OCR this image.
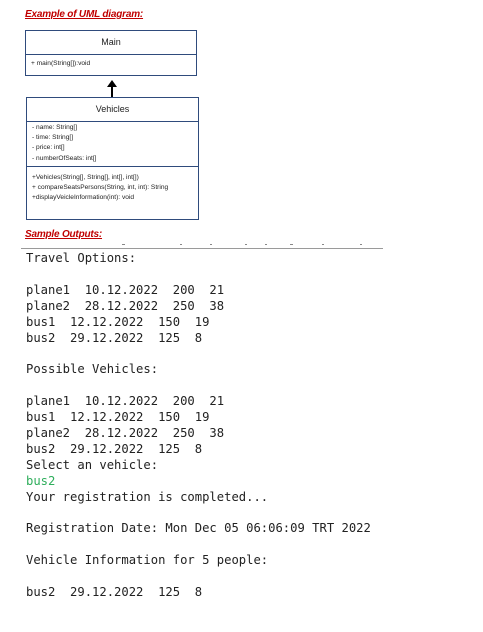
Example of UML diagram:
Main
+ main(String[]):void
Vehicles
- name: String[]
- time: String[]
- price: int[]
- numberOfSeats: int[]
+Vehicles(String[], String[], int[], int[])
+ compareSeatsPersons(String, int, int): String
+displayVeicleInformation(int): void
Sample Outputs:
Travel Options:

plane1  10.12.2022  200  21
plane2  28.12.2022  250  38
bus1  12.12.2022  150  19
bus2  29.12.2022  125  8

Possible Vehicles:

plane1  10.12.2022  200  21
bus1  12.12.2022  150  19
plane2  28.12.2022  250  38
bus2  29.12.2022  125  8
Select an vehicle:
bus2
Your registration is completed...

Registration Date: Mon Dec 05 06:06:09 TRT 2022

Vehicle Information for 5 people:

bus2  29.12.2022  125  8
